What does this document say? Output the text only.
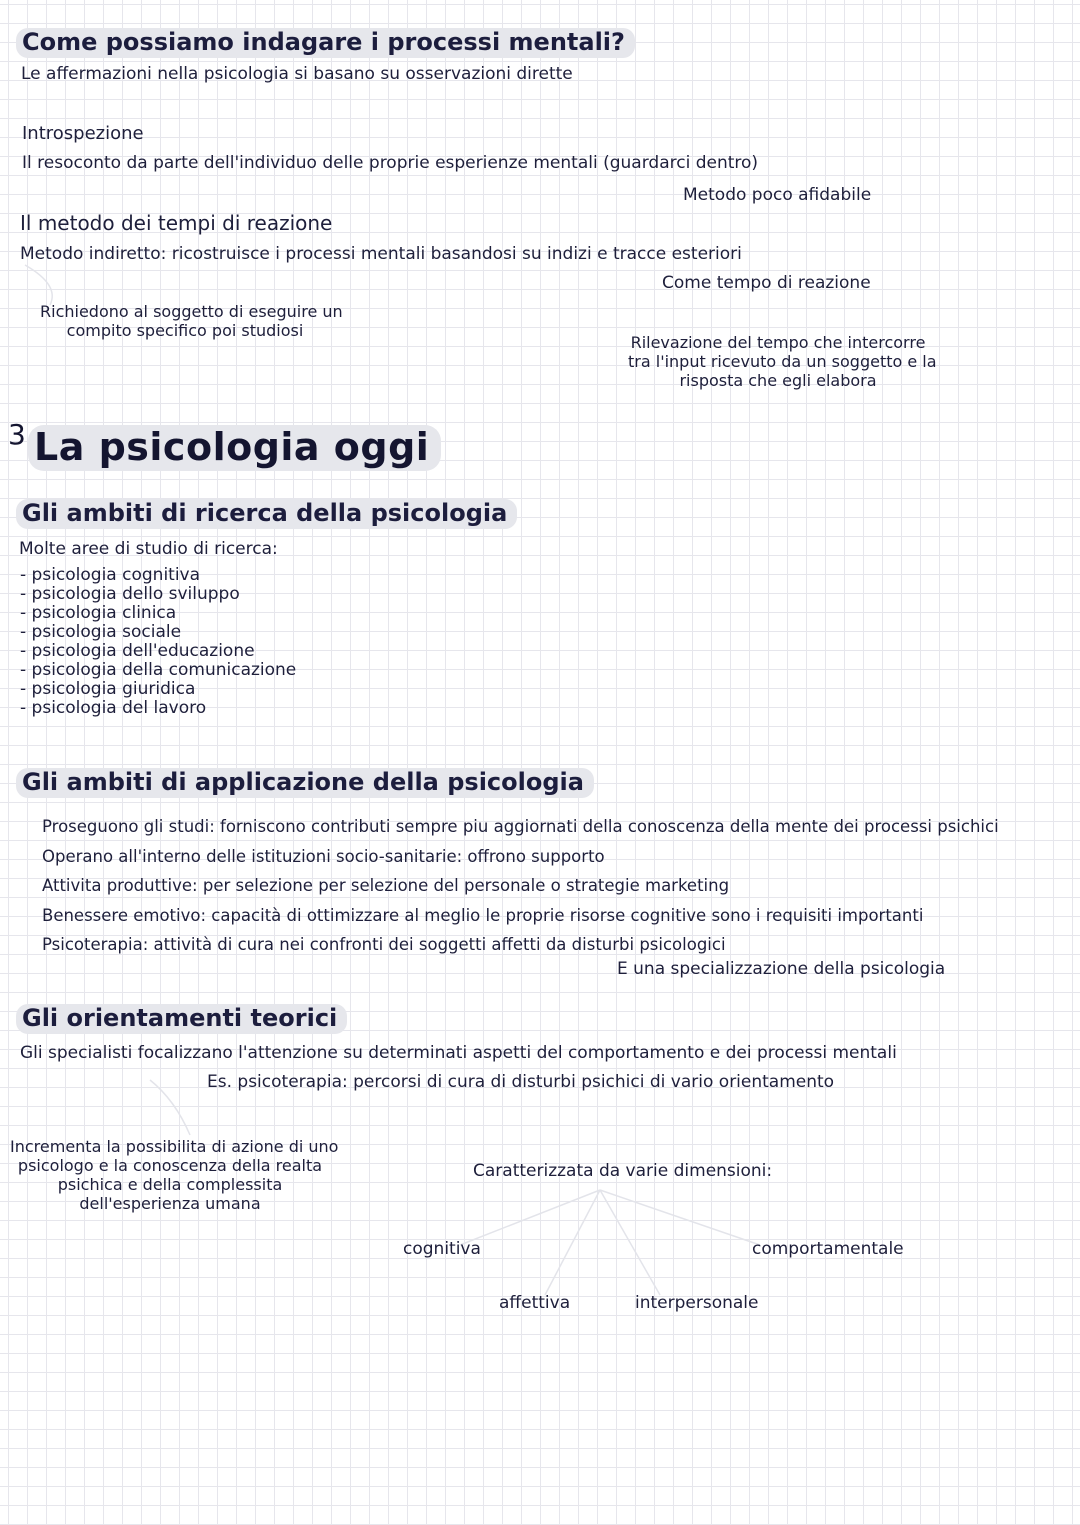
Come possiamo indagare i processi mentali?
Le affermazioni nella psicologia si basano su osservazioni dirette
Introspezione
Il resoconto da parte dell'individuo delle proprie esperienze mentali (guardarci dentro)
Metodo poco afidabile
Il metodo dei tempi di reazione
Metodo indiretto: ricostruisce i processi mentali basandosi su indizi e tracce esteriori
Richiedono al soggetto di eseguire un
compito specifico poi studiosi
Come tempo di reazione
Rilevazione del tempo che intercorre
tra l'input ricevuto da un soggetto e la
risposta che egli elabora
3 La psicologia oggi
Gli ambiti di ricerca della psicologia
Molte aree di studio di ricerca:
- psicologia cognitiva
- psicologia dello sviluppo
- psicologia clinica
- psicologia sociale
- psicologia dell'educazione
- psicologia della comunicazione
- psicologia giuridica
- psicologia del lavoro
Gli ambiti di applicazione della psicologia
Proseguono gli studi: forniscono contributi sempre piu aggiornati della conoscenza della mente dei processi psichici
Operano all'interno delle istituzioni socio-sanitarie: offrono supporto
Attivita produttive: per selezione per selezione del personale o strategie marketing
Benessere emotivo: capacità di ottimizzare al meglio le proprie risorse cognitive sono i requisiti importanti
Psicoterapia: attività di cura nei confronti dei soggetti affetti da disturbi psicologici
E una specializzazione della psicologia
Gli orientamenti teorici
Gli specialisti focalizzano l'attenzione su determinati aspetti del comportamento e dei processi mentali
Es. psicoterapia: percorsi di cura di disturbi psichici di vario orientamento
Incrementa la possibilita di azione di uno
psicologo e la conoscenza della realta
psichica e della complessita
dell'esperienza umana
Caratterizzata da varie dimensioni:
cognitiva	comportamentale
affettiva	interpersonale
